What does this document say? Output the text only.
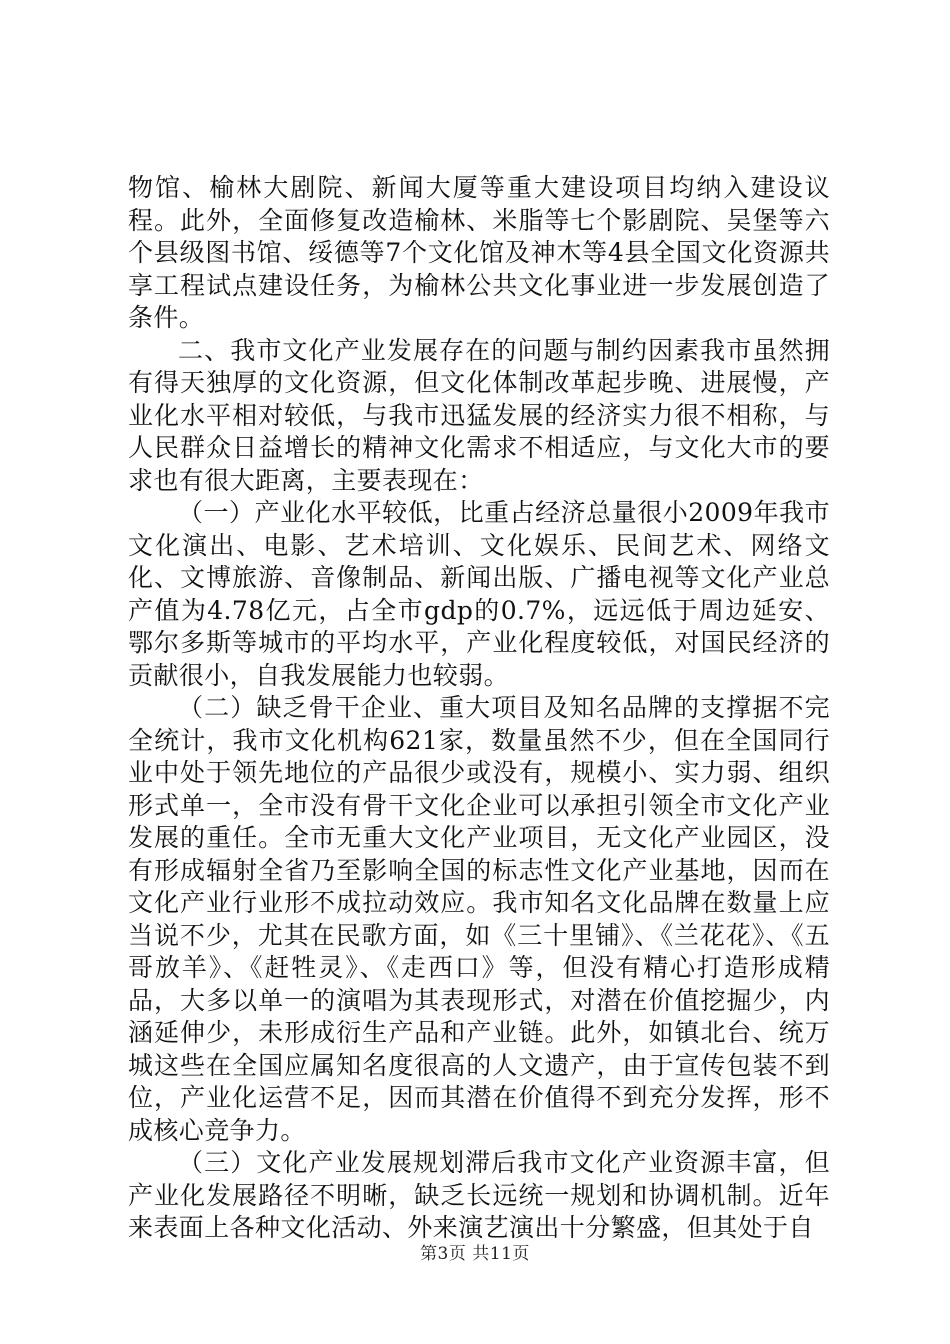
物馆、榆林大剧院、新闻大厦等重大建设项目均纳入建设议程。此外，全面修复改造榆林、米脂等七个影剧院、吴堡等六个县级图书馆、绥德等7个文化馆及神木等4县全国文化资源共享工程试点建设任务，为榆林公共文化事业进一步发展创造了条件。

二、我市文化产业发展存在的问题与制约因素我市虽然拥有得天独厚的文化资源，但文化体制改革起步晚、进展慢，产业化水平相对较低，与我市迅猛发展的经济实力很不相称，与人民群众日益增长的精神文化需求不相适应，与文化大市的要求也有很大距离，主要表现在：

（一）产业化水平较低，比重占经济总量很小2009年我市文化演出、电影、艺术培训、文化娱乐、民间艺术、网络文化、文博旅游、音像制品、新闻出版、广播电视等文化产业总产值为4.78亿元，占全市gdp的0.7%，远远低于周边延安、鄂尔多斯等城市的平均水平，产业化程度较低，对国民经济的贡献很小，自我发展能力也较弱。

（二）缺乏骨干企业、重大项目及知名品牌的支撑据不完全统计，我市文化机构621家，数量虽然不少，但在全国同行业中处于领先地位的产品很少或没有，规模小、实力弱、组织形式单一，全市没有骨干文化企业可以承担引领全市文化产业发展的重任。全市无重大文化产业项目，无文化产业园区，没有形成辐射全省乃至影响全国的标志性文化产业基地，因而在文化产业行业形不成拉动效应。我市知名文化品牌在数量上应当说不少，尤其在民歌方面，如《三十里铺》、《兰花花》、《五哥放羊》、《赶牲灵》、《走西口》等，但没有精心打造形成精品，大多以单一的演唱为其表现形式，对潜在价值挖掘少，内涵延伸少，未形成衍生产品和产业链。此外，如镇北台、统万城这些在全国应属知名度很高的人文遗产，由于宣传包装不到位，产业化运营不足，因而其潜在价值得不到充分发挥，形不成核心竞争力。

（三）文化产业发展规划滞后我市文化产业资源丰富，但产业化发展路径不明晰，缺乏长远统一规划和协调机制。近年来表面上各种文化活动、外来演艺演出十分繁盛，但其处于自

第3页 共11页
